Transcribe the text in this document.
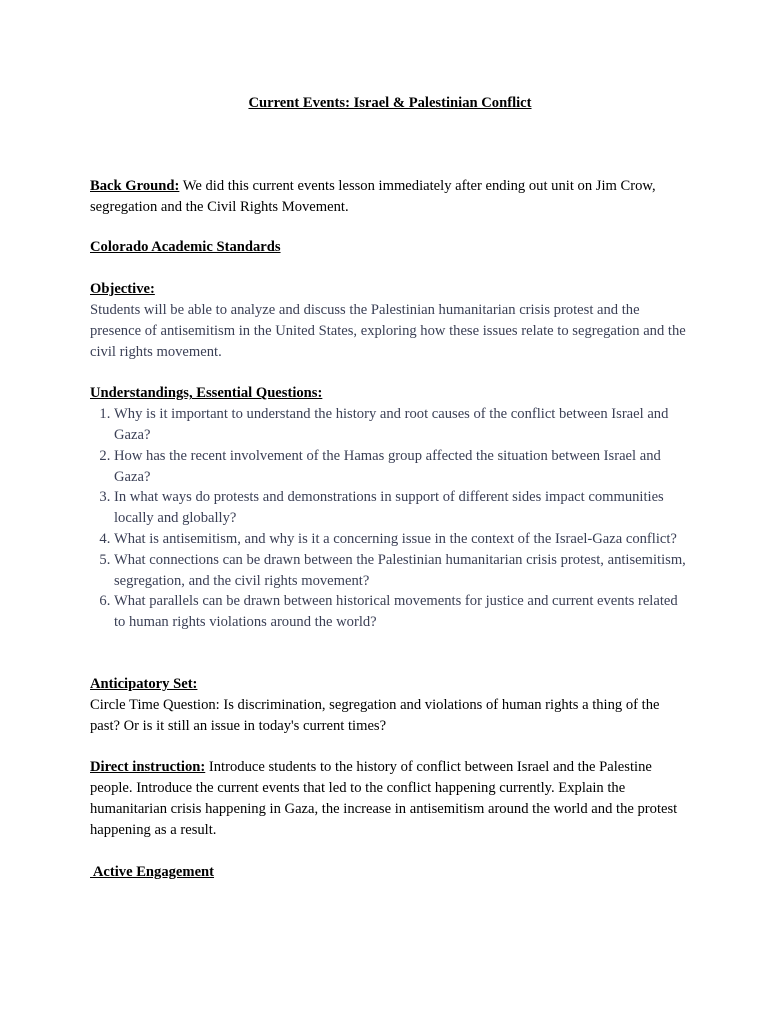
Current Events: Israel & Palestinian Conflict

Back Ground: We did this current events lesson immediately after ending out unit on Jim Crow, segregation and the Civil Rights Movement.

Colorado Academic Standards

Objective:

Students will be able to analyze and discuss the Palestinian humanitarian crisis protest and the presence of antisemitism in the United States, exploring how these issues relate to segregation and the civil rights movement.

Understandings, Essential Questions:

1. Why is it important to understand the history and root causes of the conflict between Israel and Gaza?
2. How has the recent involvement of the Hamas group affected the situation between Israel and Gaza?
3. In what ways do protests and demonstrations in support of different sides impact communities locally and globally?
4. What is antisemitism, and why is it a concerning issue in the context of the Israel-Gaza conflict?
5. What connections can be drawn between the Palestinian humanitarian crisis protest, antisemitism, segregation, and the civil rights movement?
6. What parallels can be drawn between historical movements for justice and current events related to human rights violations around the world?

Anticipatory Set:

Circle Time Question: Is discrimination, segregation and violations of human rights a thing of the past? Or is it still an issue in today's current times?

Direct instruction: Introduce students to the history of conflict between Israel and the Palestine people. Introduce the current events that led to the conflict happening currently. Explain the humanitarian crisis happening in Gaza, the increase in antisemitism around the world and the protest happening as a result.

Active Engagement
